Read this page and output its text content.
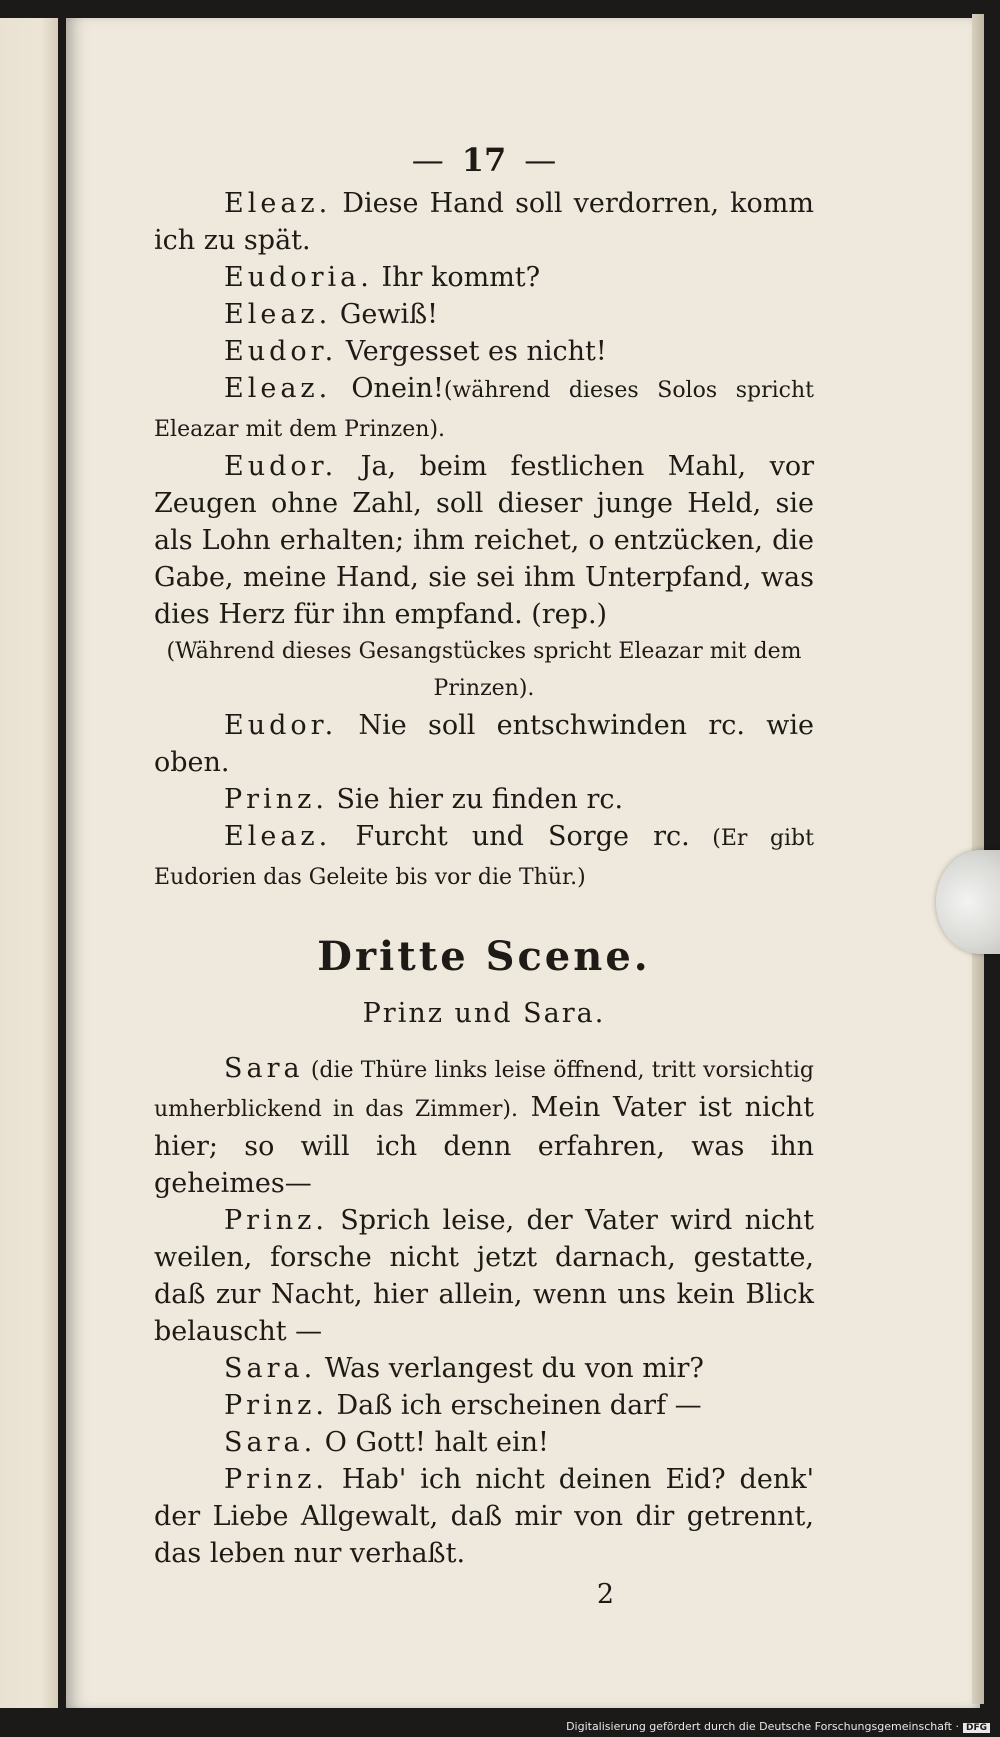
— 17 —

Eleaz. Diese Hand soll verdorren, komm ich zu spät.

Eudoria. Ihr kommt?

Eleaz. Gewiß!

Eudor. Vergesset es nicht!

Eleaz. Onein!(während dieses Solos spricht Eleazar mit dem Prinzen).

Eudor. Ja, beim festlichen Mahl, vor Zeugen ohne Zahl, soll dieser junge Held, sie als Lohn erhalten; ihm reichet, o entzücken, die Gabe, meine Hand, sie sei ihm Unterpfand, was dies Herz für ihn empfand. (rep.)

(Während dieses Gesangstückes spricht Eleazar mit dem Prinzen).

Eudor. Nie soll entschwinden rc. wie oben.

Prinz. Sie hier zu finden rc.

Eleaz. Furcht und Sorge rc. (Er gibt Eudorien das Geleite bis vor die Thür.)

Dritte Scene.
Prinz und Sara.

Sara (die Thüre links leise öffnend, tritt vorsichtig umherblickend in das Zimmer). Mein Vater ist nicht hier; so will ich denn erfahren, was ihn geheimes—

Prinz. Sprich leise, der Vater wird nicht weilen, forsche nicht jetzt darnach, gestatte, daß zur Nacht, hier allein, wenn uns kein Blick belauscht —

Sara. Was verlangest du von mir?

Prinz. Daß ich erscheinen darf —

Sara. O Gott! halt ein!

Prinz. Hab' ich nicht deinen Eid? denk' der Liebe Allgewalt, daß mir von dir getrennt, das leben nur verhaßt.

2
Digitalisierung gefördert durch die Deutsche Forschungsgemeinschaft · DFG
